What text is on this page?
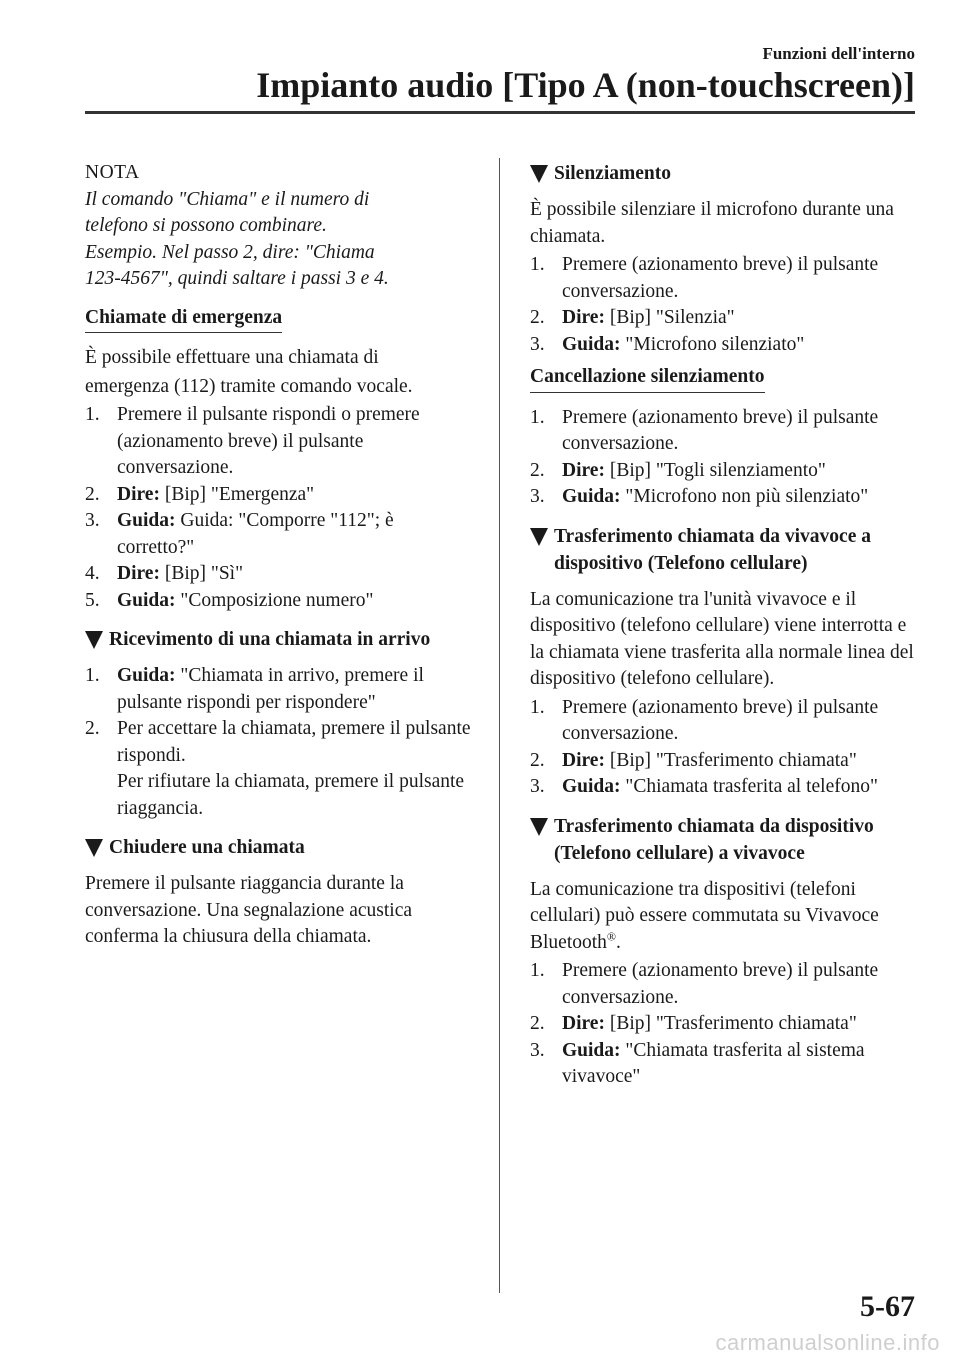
Funzioni dell'interno
Impianto audio [Tipo A (non-touchscreen)]
NOTA
Il comando "Chiama" e il numero di
telefono si possono combinare.
Esempio. Nel passo 2, dire: "Chiama
123-4567", quindi saltare i passi 3 e 4.
Chiamate di emergenza
È possibile effettuare una chiamata di
emergenza (112) tramite comando vocale.
1. Premere il pulsante rispondi o premere (azionamento breve) il pulsante conversazione.
2. Dire: [Bip] "Emergenza"
3. Guida: Guida: "Comporre "112"; è corretto?"
4. Dire: [Bip] "Sì"
5. Guida: "Composizione numero"
Ricevimento di una chiamata in arrivo
1. Guida: "Chiamata in arrivo, premere il pulsante rispondi per rispondere"
2. Per accettare la chiamata, premere il pulsante rispondi.
Per rifiutare la chiamata, premere il pulsante riaggancia.
Chiudere una chiamata
Premere il pulsante riaggancia durante la conversazione. Una segnalazione acustica conferma la chiusura della chiamata.
Silenziamento
È possibile silenziare il microfono durante una chiamata.
1. Premere (azionamento breve) il pulsante conversazione.
2. Dire: [Bip] "Silenzia"
3. Guida: "Microfono silenziato"
Cancellazione silenziamento
1. Premere (azionamento breve) il pulsante conversazione.
2. Dire: [Bip] "Togli silenziamento"
3. Guida: "Microfono non più silenziato"
Trasferimento chiamata da vivavoce a dispositivo (Telefono cellulare)
La comunicazione tra l'unità vivavoce e il dispositivo (telefono cellulare) viene interrotta e la chiamata viene trasferita alla normale linea del dispositivo (telefono cellulare).
1. Premere (azionamento breve) il pulsante conversazione.
2. Dire: [Bip] "Trasferimento chiamata"
3. Guida: "Chiamata trasferita al telefono"
Trasferimento chiamata da dispositivo (Telefono cellulare) a vivavoce
La comunicazione tra dispositivi (telefoni cellulari) può essere commutata su Vivavoce Bluetooth®.
1. Premere (azionamento breve) il pulsante conversazione.
2. Dire: [Bip] "Trasferimento chiamata"
3. Guida: "Chiamata trasferita al sistema vivavoce"
5-67
carmanualsonline.info
